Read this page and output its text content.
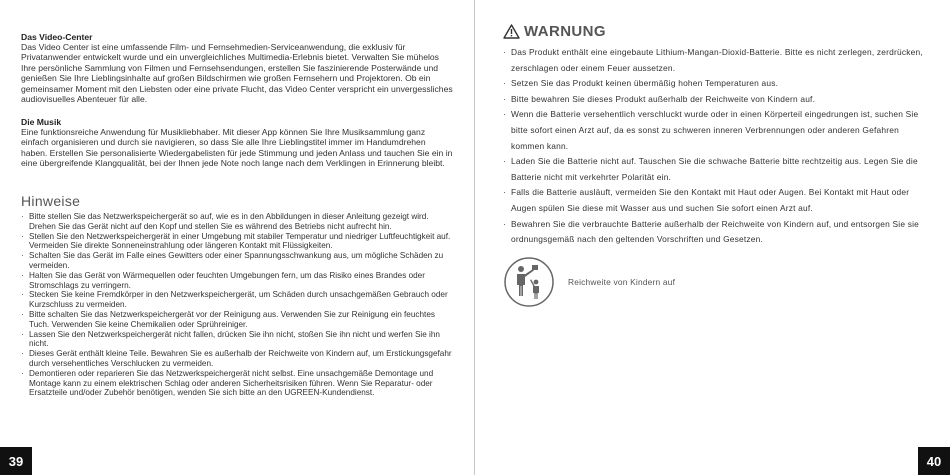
Das Video-Center
Das Video Center ist eine umfassende Film- und Fernsehmedien-Serviceanwendung, die exklusiv für Privatanwender entwickelt wurde und ein unvergleichliches Multimedia-Erlebnis bietet. Verwalten Sie mühelos Ihre persönliche Sammlung von Filmen und Fernsehsendungen, erstellen Sie faszinierende Posterwände und genießen Sie Ihre Lieblingsinhalte auf großen Bildschirmen wie großen Fernsehern und Projektoren. Ob ein gemeinsamer Moment mit den Liebsten oder eine private Flucht, das Video Center verspricht ein unvergessliches audiovisuelles Abenteuer für alle.
Die Musik
Eine funktionsreiche Anwendung für Musikliebhaber. Mit dieser App können Sie Ihre Musiksammlung ganz einfach organisieren und durch sie navigieren, so dass Sie alle Ihre Lieblingstitel immer im Handumdrehen haben. Erstellen Sie personalisierte Wiedergabelisten für jede Stimmung und jeden Anlass und tauchen Sie ein in eine übergreifende Klangqualität, bei der Ihnen jede Note noch lange nach dem Verklingen in Erinnerung bleibt.
Hinweise
· Bitte stellen Sie das Netzwerkspeichergerät so auf, wie es in den Abbildungen in dieser Anleitung gezeigt wird. Drehen Sie das Gerät nicht auf den Kopf und stellen Sie es während des Betriebs nicht aufrecht hin.
· Stellen Sie den Netzwerkspeichergerät in einer Umgebung mit stabiler Temperatur und niedriger Luftfeuchtigkeit auf. Vermeiden Sie direkte Sonneneinstrahlung oder längeren Kontakt mit Flüssigkeiten.
· Schalten Sie das Gerät im Falle eines Gewitters oder einer Spannungsschwankung aus, um mögliche Schäden zu vermeiden.
· Halten Sie das Gerät von Wärmequellen oder feuchten Umgebungen fern, um das Risiko eines Brandes oder Stromschlags zu verringern.
· Stecken Sie keine Fremdkörper in den Netzwerkspeichergerät, um Schäden durch unsachgemäßen Gebrauch oder Kurzschluss zu vermeiden.
· Bitte schalten Sie das Netzwerkspeichergerät vor der Reinigung aus. Verwenden Sie zur Reinigung ein feuchtes Tuch. Verwenden Sie keine Chemikalien oder Sprühreiniger.
· Lassen Sie den Netzwerkspeichergerät nicht fallen, drücken Sie ihn nicht, stoßen Sie ihn nicht und werfen Sie ihn nicht.
· Dieses Gerät enthält kleine Teile. Bewahren Sie es außerhalb der Reichweite von Kindern auf, um Erstickungsgefahr durch versehentliches Verschlucken zu vermeiden.
· Demontieren oder reparieren Sie das Netzwerkspeichergerät nicht selbst. Eine unsachgemäße Demontage und Montage kann zu einem elektrischen Schlag oder anderen Sicherheitsrisiken führen. Wenn Sie Reparatur- oder Ersatzteile und/oder Zubehör benötigen, wenden Sie sich bitte an den UGREEN-Kundendienst.
39
WARNUNG
· Das Produkt enthält eine eingebaute Lithium-Mangan-Dioxid-Batterie. Bitte es nicht zerlegen, zerdrücken, zerschlagen oder einem Feuer aussetzen.
· Setzen Sie das Produkt keinen übermäßig hohen Temperaturen aus.
· Bitte bewahren Sie dieses Produkt außerhalb der Reichweite von Kindern auf.
· Wenn die Batterie versehentlich verschluckt wurde oder in einen Körperteil eingedrungen ist, suchen Sie bitte sofort einen Arzt auf, da es sonst zu schweren inneren Verbrennungen oder anderen Gefahren kommen kann.
· Laden Sie die Batterie nicht auf. Tauschen Sie die schwache Batterie bitte rechtzeitig aus. Legen Sie die Batterie nicht mit verkehrter Polarität ein.
· Falls die Batterie ausläuft, vermeiden Sie den Kontakt mit Haut oder Augen. Bei Kontakt mit Haut oder Augen spülen Sie diese mit Wasser aus und suchen Sie sofort einen Arzt auf.
· Bewahren Sie die verbrauchte Batterie außerhalb der Reichweite von Kindern auf, und entsorgen Sie sie ordnungsgemäß nach den geltenden Vorschriften und Gesetzen.
Reichweite von Kindern auf
40
